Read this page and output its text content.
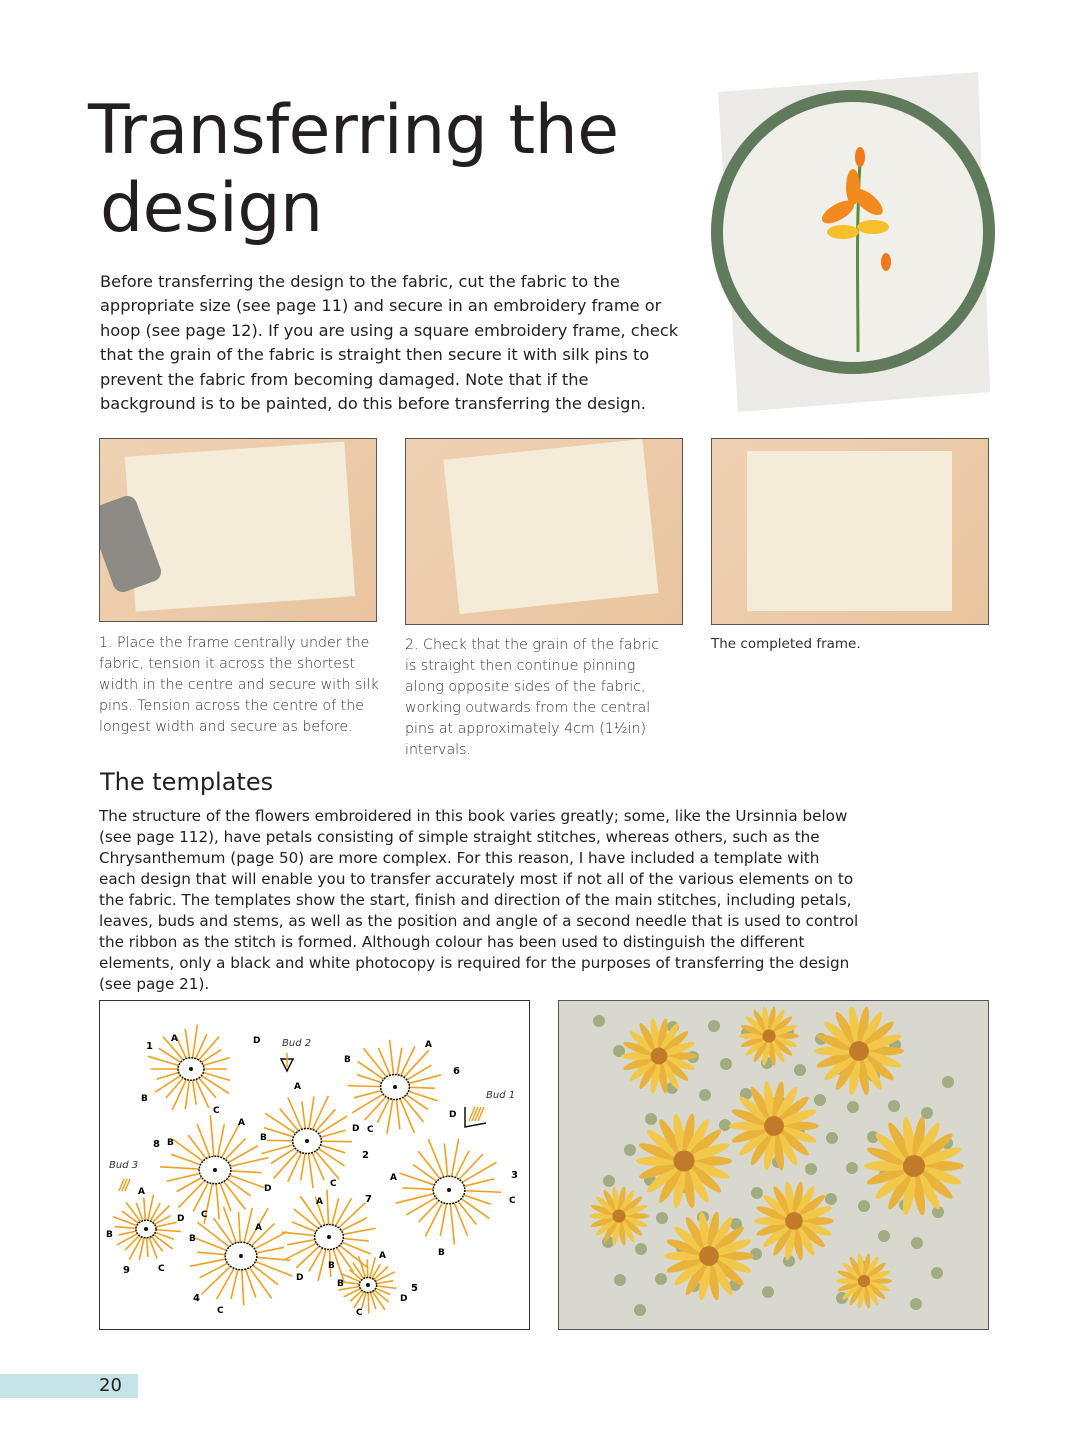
Transferring the
design

Before transferring the design to the fabric, cut the fabric to the appropriate size (see page 11) and secure in an embroidery frame or hoop (see page 12). If you are using a square embroidery frame, check that the grain of the fabric is straight then secure it with silk pins to prevent the fabric from becoming damaged. Note that if the background is to be painted, do this before transferring the design.

1. Place the frame centrally under the fabric, tension it across the shortest width in the centre and secure with silk pins. Tension across the centre of the longest width and secure as before.

2. Check that the grain of the fabric is straight then continue pinning along opposite sides of the fabric, working outwards from the central pins at approximately 4cm (1½in) intervals.

The completed frame.

The templates

The structure of the flowers embroidered in this book varies greatly; some, like the Ursinnia below (see page 112), have petals consisting of simple straight stitches, whereas others, such as the Chrysanthemum (page 50) are more complex. For this reason, I have included a template with each design that will enable you to transfer accurately most if not all of the various elements on to the fabric. The templates show the start, finish and direction of the main stitches, including petals, leaves, buds and stems, as well as the position and angle of a second needle that is used to control the ribbon as the stitch is formed. Although colour has been used to distinguish the different elements, only a black and white photocopy is required for the purposes of transferring the design (see page 21).

1
A	D
B
C
2
A
B
D
C
6
A
B
D
C
3
A
C
B
8 B
A
D
C
9
A
D
B
C
4
A
B
D
C
7
A
B
5
A
B
D
C
Bud 2
Bud 1
Bud 3
20
